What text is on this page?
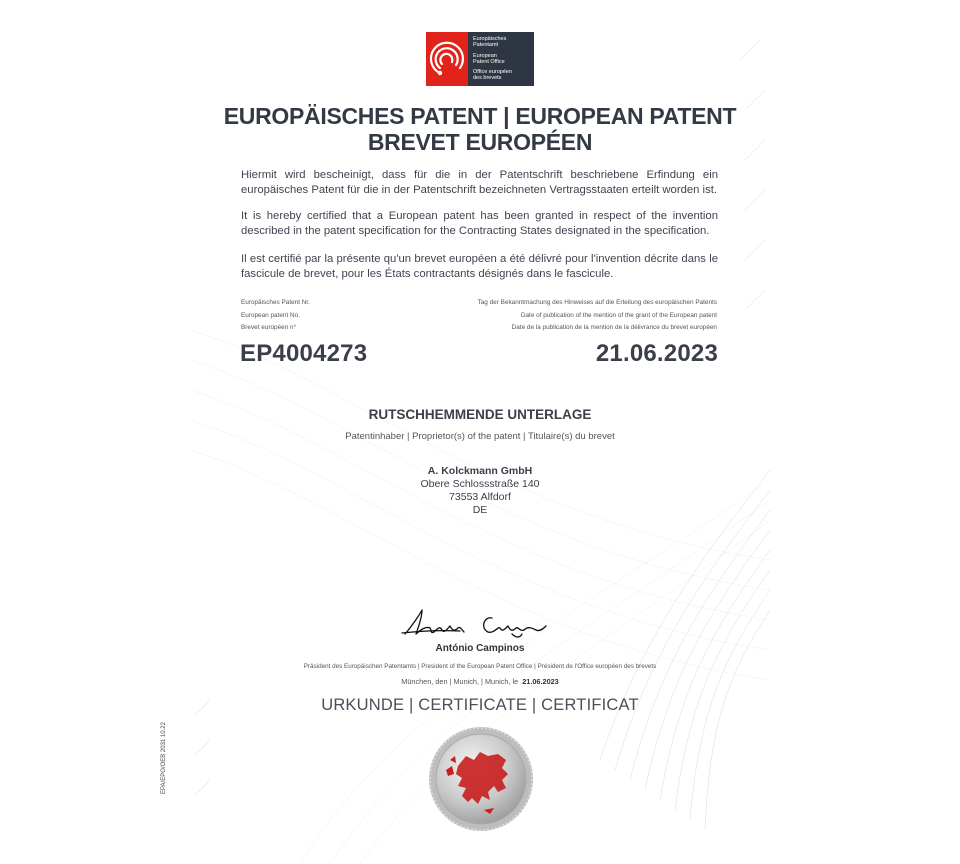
Europäisches
Patentamt
European
Patent Office
Office européen
des brevets
EUROPÄISCHES PATENT | EUROPEAN PATENT
BREVET EUROPÉEN
Hiermit wird bescheinigt, dass für die in der Patentschrift beschriebene Erfindung ein europäisches Patent für die in der Patentschrift bezeichneten Vertragsstaaten erteilt worden ist.
It is hereby certified that a European patent has been granted in respect of the invention described in the patent specification for the Contracting States designated in the specification.
Il est certifié par la présente qu'un brevet européen a été délivré pour l'invention décrite dans le fascicule de brevet, pour les États contractants désignés dans le fascicule.
Europäisches Patent Nr.
European patent No.
Brevet européen n°
Tag der Bekanntmachung des Hinweises auf die Erteilung des europäischen Patents
Date of publication of the mention of the grant of the European patent
Date de la publication de la mention de la délivrance du brevet européen
EP4004273	21.06.2023
RUTSCHHEMMENDE UNTERLAGE
Patentinhaber | Proprietor(s) of the patent | Titulaire(s) du brevet
A. Kolckmann GmbH
Obere Schlossstraße 140
73553 Alfdorf
DE
António Campinos
Präsident des Europäischen Patentamts | President of the European Patent Office | Président de l'Office européen des brevets
München, den | Munich, | Munich, le 21.06.2023
URKUNDE | CERTIFICATE | CERTIFICAT
EPA/EPO/OEB 2031 10.22
